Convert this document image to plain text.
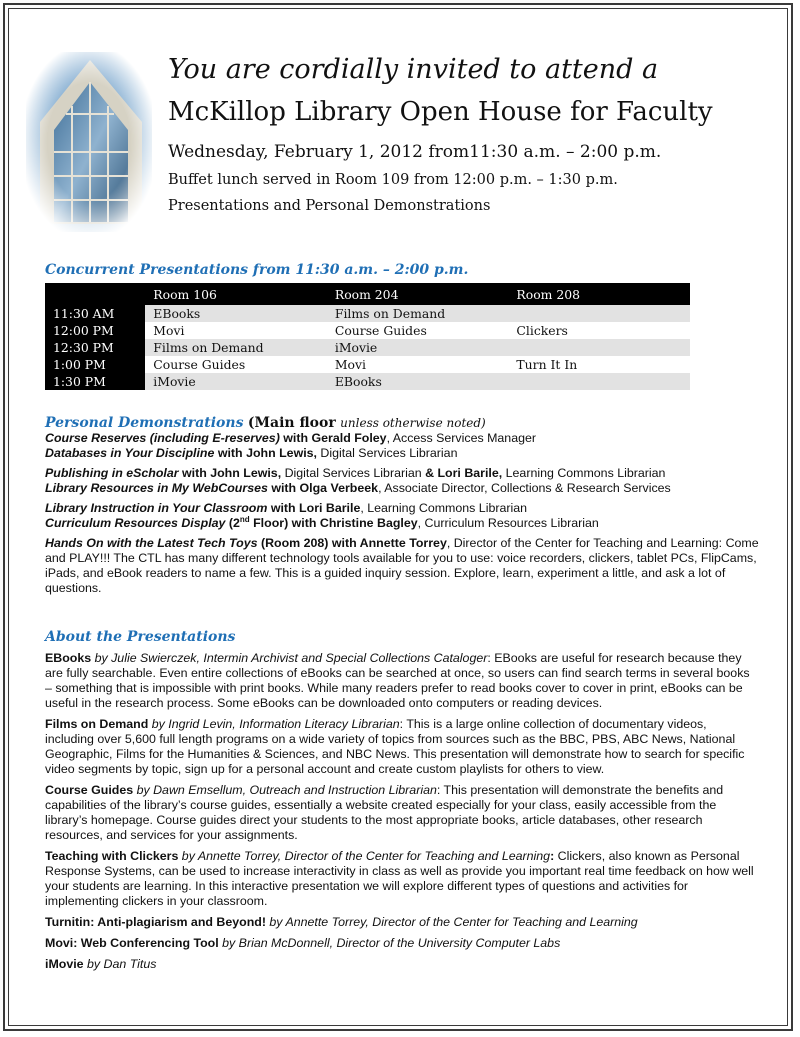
You are cordially invited to attend a

McKillop Library Open House for Faculty

Wednesday, February 1, 2012 from11:30 a.m. – 2:00 p.m.

Buffet lunch served in Room 109 from 12:00 p.m. – 1:30 p.m.

Presentations and Personal Demonstrations

Concurrent Presentations from 11:30 a.m. – 2:00 p.m.

	Room 106	Room 204	Room 208
11:30 AM	EBooks	Films on Demand	
12:00 PM	Movi	Course Guides	Clickers
12:30 PM	Films on Demand	iMovie	
1:00 PM	Course Guides	Movi	Turn It In
1:30 PM	iMovie	EBooks	

Personal Demonstrations (Main floor unless otherwise noted)

Course Reserves (including E-reserves) with Gerald Foley, Access Services Manager

Databases in Your Discipline with John Lewis, Digital Services Librarian

Publishing in eScholar with John Lewis, Digital Services Librarian & Lori Barile, Learning Commons Librarian

Library Resources in My WebCourses with Olga Verbeek, Associate Director, Collections & Research Services

Library Instruction in Your Classroom with Lori Barile, Learning Commons Librarian

Curriculum Resources Display (2nd Floor) with Christine Bagley, Curriculum Resources Librarian

Hands On with the Latest Tech Toys (Room 208) with Annette Torrey, Director of the Center for Teaching and Learning: Come and PLAY!!! The CTL has many different technology tools available for you to use: voice recorders, clickers, tablet PCs, FlipCams, iPads, and eBook readers to name a few. This is a guided inquiry session. Explore, learn, experiment a little, and ask a lot of questions.

About the Presentations

EBooks by Julie Swierczek, Intermin Archivist and Special Collections Cataloger: EBooks are useful for research because they are fully searchable. Even entire collections of eBooks can be searched at once, so users can find search terms in several books – something that is impossible with print books. While many readers prefer to read books cover to cover in print, eBooks can be useful in the research process. Some eBooks can be downloaded onto computers or reading devices.

Films on Demand by Ingrid Levin, Information Literacy Librarian: This is a large online collection of documentary videos, including over 5,600 full length programs on a wide variety of topics from sources such as the BBC, PBS, ABC News, National Geographic, Films for the Humanities & Sciences, and NBC News. This presentation will demonstrate how to search for specific video segments by topic, sign up for a personal account and create custom playlists for others to view.

Course Guides by Dawn Emsellum, Outreach and Instruction Librarian: This presentation will demonstrate the benefits and capabilities of the library’s course guides, essentially a website created especially for your class, easily accessible from the library’s homepage. Course guides direct your students to the most appropriate books, article databases, other research resources, and services for your assignments.

Teaching with Clickers by Annette Torrey, Director of the Center for Teaching and Learning: Clickers, also known as Personal Response Systems, can be used to increase interactivity in class as well as provide you important real time feedback on how well your students are learning. In this interactive presentation we will explore different types of questions and activities for implementing clickers in your classroom.

Turnitin: Anti-plagiarism and Beyond! by Annette Torrey, Director of the Center for Teaching and Learning

Movi: Web Conferencing Tool by Brian McDonnell, Director of the University Computer Labs

iMovie by Dan Titus
